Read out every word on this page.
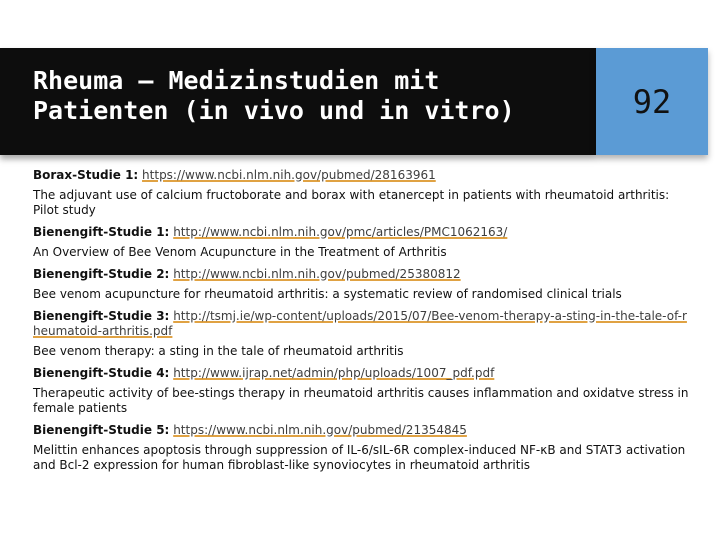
Rheuma – Medizinstudien mit
Patienten (in vivo und in vitro)	92

Borax-Studie 1: https://www.ncbi.nlm.nih.gov/pubmed/28163961

The adjuvant use of calcium fructoborate and borax with etanercept in patients with rheumatoid arthritis: Pilot study

Bienengift-Studie 1: http://www.ncbi.nlm.nih.gov/pmc/articles/PMC1062163/

An Overview of Bee Venom Acupuncture in the Treatment of Arthritis

Bienengift-Studie 2: http://www.ncbi.nlm.nih.gov/pubmed/25380812

Bee venom acupuncture for rheumatoid arthritis: a systematic review of randomised clinical trials

Bienengift-Studie 3: http://tsmj.ie/wp-content/uploads/2015/07/Bee-venom-therapy-a-sting-in-the-tale-of-rheumatoid-arthritis.pdf

Bee venom therapy: a sting in the tale of rheumatoid arthritis

Bienengift-Studie 4: http://www.ijrap.net/admin/php/uploads/1007_pdf.pdf

Therapeutic activity of bee-stings therapy in rheumatoid arthritis causes inflammation and oxidatve stress in female patients

Bienengift-Studie 5: https://www.ncbi.nlm.nih.gov/pubmed/21354845

Melittin enhances apoptosis through suppression of IL-6/sIL-6R complex-induced NF-κB and STAT3 activation and Bcl-2 expression for human fibroblast-like synoviocytes in rheumatoid arthritis
